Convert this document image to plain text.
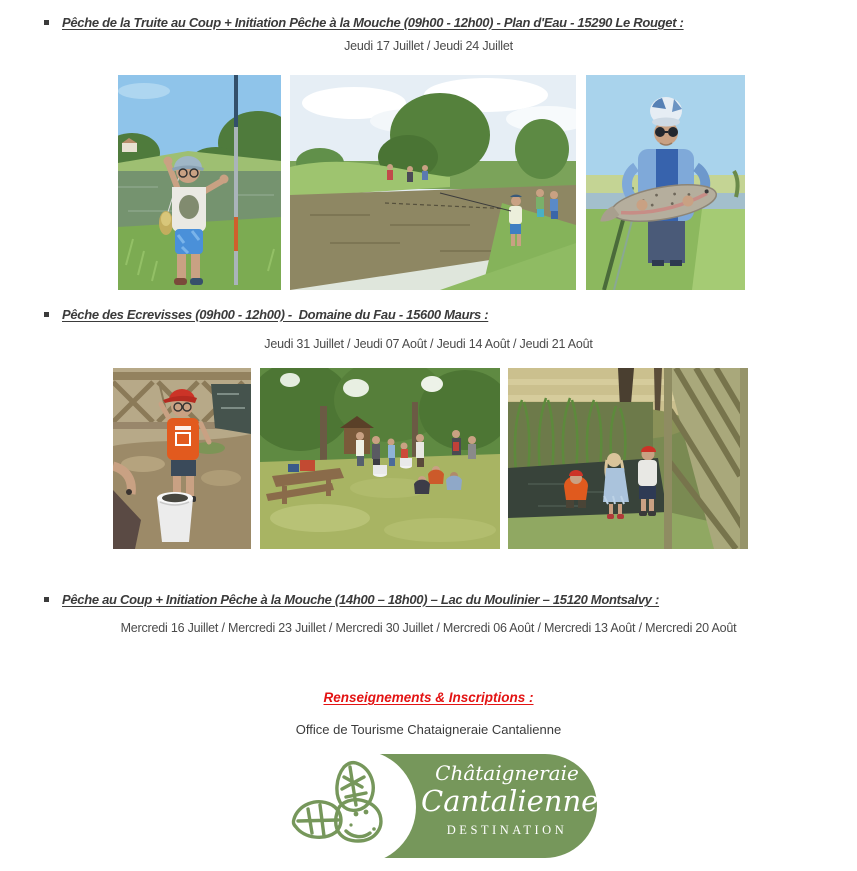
Pêche de la Truite au Coup + Initiation Pêche à la Mouche (09h00 - 12h00) - Plan d'Eau - 15290 Le Rouget :
Jeudi 17 Juillet / Jeudi 24 Juillet
Pêche des Ecrevisses (09h00 - 12h00) -  Domaine du Fau - 15600 Maurs :
Jeudi 31 Juillet / Jeudi 07 Août / Jeudi 14 Août / Jeudi 21 Août
Pêche au Coup + Initiation Pêche à la Mouche (14h00 – 18h00) – Lac du Moulinier – 15120 Montsalvy :
Mercredi 16 Juillet / Mercredi 23 Juillet / Mercredi 30 Juillet / Mercredi 06 Août / Mercredi 13 Août / Mercredi 20 Août
Renseignements & Inscriptions :
Office de Tourisme Chataigneraie Cantalienne
Châtaigneraie
Cantalienne
DESTINATION
